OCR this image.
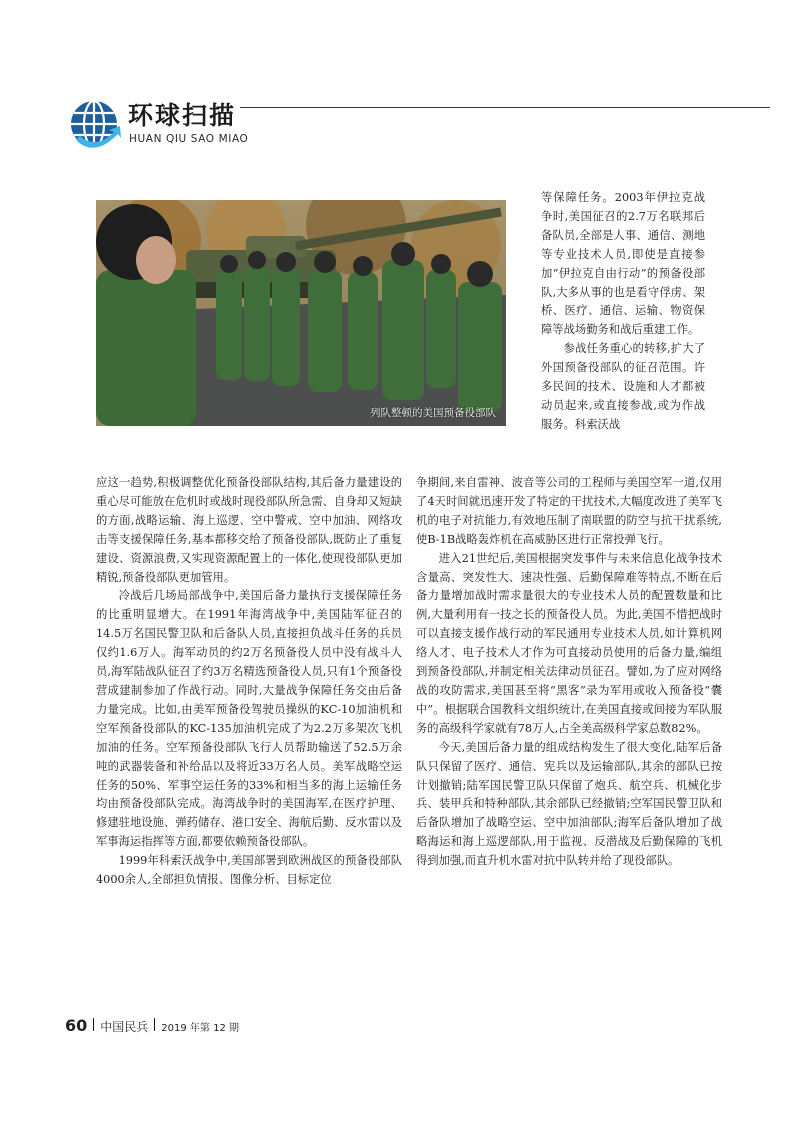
环球扫描
HUAN QIU SAO MIAO
列队整顿的美国预备役部队

等保障任务。2003年伊拉克战争时,美国征召的2.7万名联邦后备队员,全部是人事、通信、测地等专业技术人员,即使是直接参加“伊拉克自由行动”的预备役部队,大多从事的也是看守俘虏、架桥、医疗、通信、运输、物资保障等战场勤务和战后重建工作。

参战任务重心的转移,扩大了外国预备役部队的征召范围。许多民间的技术、设施和人才都被动员起来,或直接参战,或为作战服务。科索沃战

应这一趋势,积极调整优化预备役部队结构,其后备力量建设的重心尽可能放在危机时或战时现役部队所急需、自身却又短缺的方面,战略运输、海上巡逻、空中警戒、空中加油、网络攻击等支援保障任务,基本都移交给了预备役部队,既防止了重复建设、资源浪费,又实现资源配置上的一体化,使现役部队更加精锐,预备役部队更加管用。

冷战后几场局部战争中,美国后备力量执行支援保障任务的比重明显增大。在1991年海湾战争中,美国陆军征召的14.5万名国民警卫队和后备队人员,直接担负战斗任务的兵员仅约1.6万人。海军动员的约2万名预备役人员中没有战斗人员,海军陆战队征召了约3万名精选预备役人员,只有1个预备役营成建制参加了作战行动。同时,大量战争保障任务交由后备力量完成。比如,由美军预备役驾驶员操纵的KC-10加油机和空军预备役部队的KC-135加油机完成了为2.2万多架次飞机加油的任务。空军预备役部队飞行人员帮助输送了52.5万余吨的武器装备和补给品以及将近33万名人员。美军战略空运任务的50%、军事空运任务的33%和相当多的海上运输任务均由预备役部队完成。海湾战争时的美国海军,在医疗护理、修建驻地设施、弹药储存、港口安全、海航后勤、反水雷以及军事海运指挥等方面,都要依赖预备役部队。

1999年科索沃战争中,美国部署到欧洲战区的预备役部队4000余人,全部担负情报、图像分析、目标定位

争期间,来自雷神、波音等公司的工程师与美国空军一道,仅用了4天时间就迅速开发了特定的干扰技术,大幅度改进了美军飞机的电子对抗能力,有效地压制了南联盟的防空与抗干扰系统,使B-1B战略轰炸机在高威胁区进行正常投弹飞行。

进入21世纪后,美国根据突发事件与未来信息化战争技术含量高、突发性大、速决性强、后勤保障难等特点,不断在后备力量增加战时需求量很大的专业技术人员的配置数量和比例,大量利用有一技之长的预备役人员。为此,美国不惜把战时可以直接支援作战行动的军民通用专业技术人员,如计算机网络人才、电子技术人才作为可直接动员使用的后备力量,编组到预备役部队,并制定相关法律动员征召。譬如,为了应对网络战的攻防需求,美国甚至将“黑客”录为军用或收入预备役“囊中”。根据联合国教科文组织统计,在美国直接或间接为军队服务的高级科学家就有78万人,占全美高级科学家总数82%。

今天,美国后备力量的组成结构发生了很大变化,陆军后备队只保留了医疗、通信、宪兵以及运输部队,其余的部队已按计划撤销;陆军国民警卫队只保留了炮兵、航空兵、机械化步兵、装甲兵和特种部队,其余部队已经撤销;空军国民警卫队和后备队增加了战略空运、空中加油部队;海军后备队增加了战略海运和海上巡逻部队,用于监视、反潜战及后勤保障的飞机得到加强,而直升机水雷对抗中队转并给了现役部队。

60 中国民兵 2019 年第 12 期
